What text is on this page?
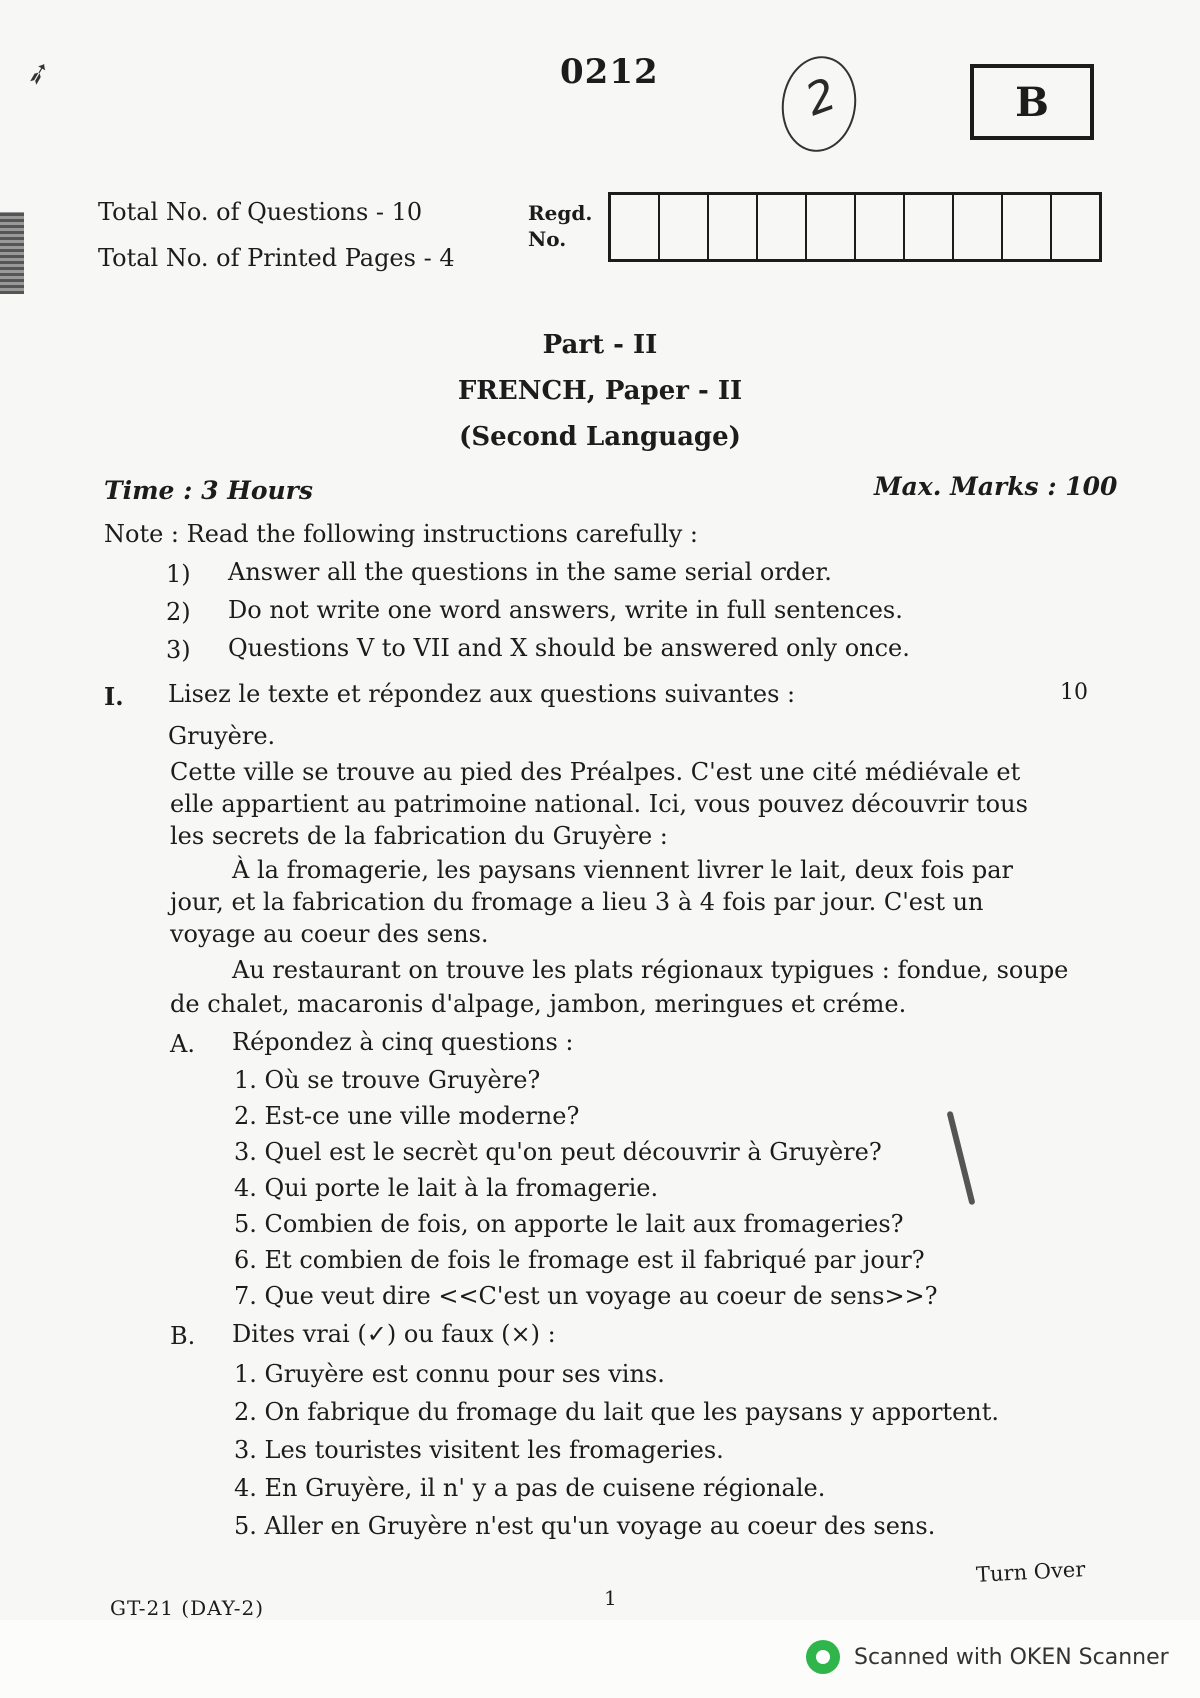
➶	0212	2	B
Total No. of Questions - 10
Total No. of Printed Pages - 4
Regd.
No.
Part - II
FRENCH, Paper - II
(Second Language)
Time : 3 Hours	Max. Marks : 100
Note : Read the following instructions carefully :
1) Answer all the questions in the same serial order.
2) Do not write one word answers, write in full sentences.
3) Questions V to VII and X should be answered only once.
I. Lisez le texte et répondez aux questions suivantes :	10
Gruyère.
Cette ville se trouve au pied des Préalpes. C'est une cité médiévale et
elle appartient au patrimoine national. Ici, vous pouvez découvrir tous
les secrets de la fabrication du Gruyère :
À la fromagerie, les paysans viennent livrer le lait, deux fois par
jour, et la fabrication du fromage a lieu 3 à 4 fois par jour. C'est un
voyage au coeur des sens.
Au restaurant on trouve les plats régionaux typigues : fondue, soupe
de chalet, macaronis d'alpage, jambon, meringues et créme.
A. Répondez à cinq questions :
1. Où se trouve Gruyère?
2. Est-ce une ville moderne?
3. Quel est le secrèt qu'on peut découvrir à Gruyère?
4. Qui porte le lait à la fromagerie.
5. Combien de fois, on apporte le lait aux fromageries?
6. Et combien de fois le fromage est il fabriqué par jour?
7. Que veut dire <<C'est un voyage au coeur de sens>>?
B. Dites vrai (✓) ou faux (×) :
1. Gruyère est connu pour ses vins.
2. On fabrique du fromage du lait que les paysans y apportent.
3. Les touristes visitent les fromageries.
4. En Gruyère, il n' y a pas de cuisene régionale.
5. Aller en Gruyère n'est qu'un voyage au coeur des sens.
Turn Over
GT-21 (DAY-2)	1
Scanned with OKEN Scanner
